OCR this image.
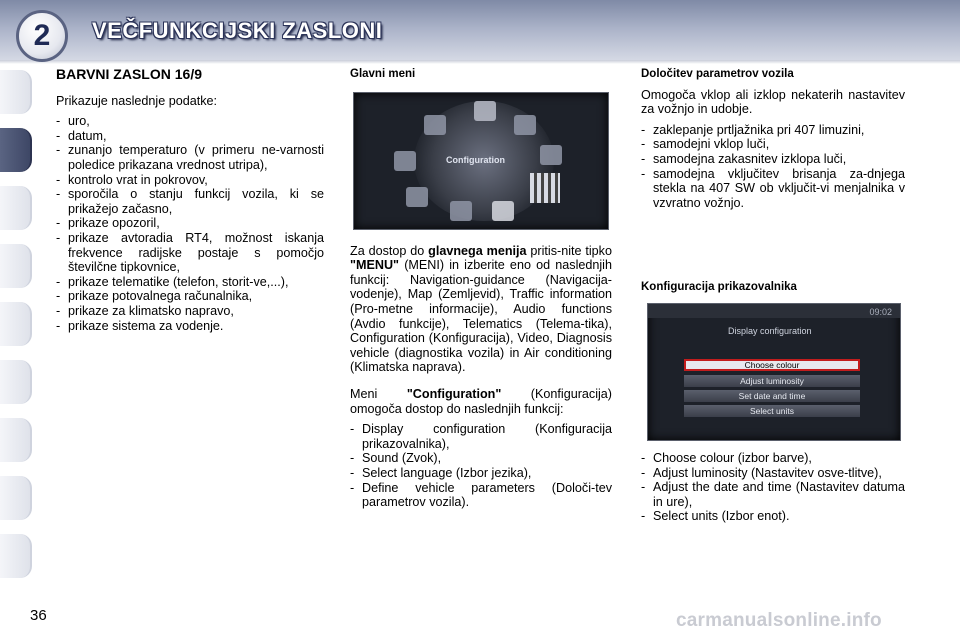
2	VEČFUNKCIJSKI ZASLONI
BARVNI ZASLON 16/9

Prikazuje naslednje podatke:

- uro,
- datum,
- zunanjo temperaturo (v primeru ne-varnosti poledice prikazana vrednost utripa),
- kontrolo vrat in pokrovov,
- sporočila o stanju funkcij vozila, ki se prikažejo začasno,
- prikaze opozoril,
- prikaze avtoradia RT4, možnost iskanja frekvence radijske postaje s pomočjo številčne tipkovnice,
- prikaze telematike (telefon, storit-ve,...),
- prikaze potovalnega računalnika,
- prikaze za klimatsko napravo,
- prikaze sistema za vodenje.
Glavni meni
Configuration

Za dostop do glavnega menija pritis-nite tipko "MENU" (MENI) in izberite eno od naslednjih funkcij: Navigation-guidance (Navigacija-vodenje), Map (Zemljevid), Traffic information (Pro-metne informacije), Audio functions (Avdio funkcije), Telematics (Telema-tika), Configuration (Konfiguracija), Video, Diagnosis vehicle (diagnostika vozila) in Air conditioning (Klimatska naprava).

Meni "Configuration" (Konfiguracija) omogoča dostop do naslednjih funkcij:

- Display configuration (Konfiguracija prikazovalnika),
- Sound (Zvok),
- Select language (Izbor jezika),
- Define vehicle parameters (Določi-tev parametrov vozila).
Določitev parametrov vozila

Omogoča vklop ali izklop nekaterih nastavitev za vožnjo in udobje.

- zaklepanje prtljažnika pri 407 limuzini,
- samodejni vklop luči,
- samodejna zakasnitev izklopa luči,
- samodejna vključitev brisanja za-dnjega stekla na 407 SW ob vključit-vi menjalnika v vzvratno vožnjo.
Konfiguracija prikazovalnika
09:02
Display configuration
Choose colour
Adjust luminosity
Set date and time
Select units
- Choose colour (izbor barve),
- Adjust luminosity (Nastavitev osve-tlitve),
- Adjust the date and time (Nastavitev datuma in ure),
- Select units (Izbor enot).
36	carmanualsonline.info
